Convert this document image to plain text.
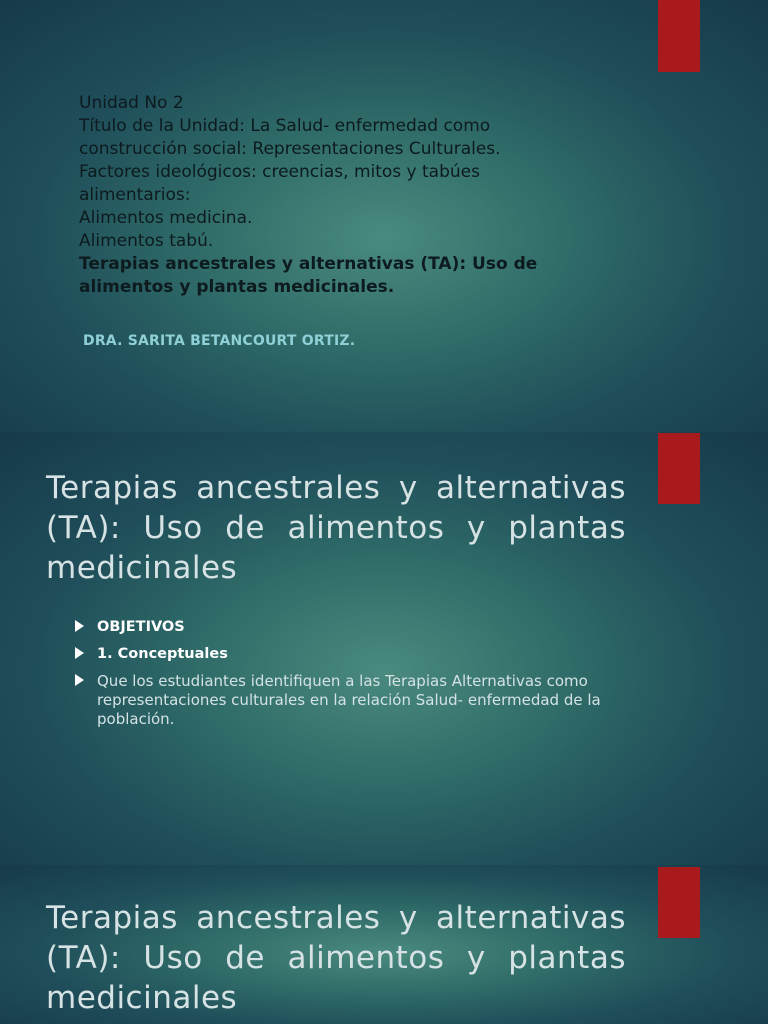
Unidad No 2
Título de la Unidad: La Salud- enfermedad como construcción social: Representaciones Culturales.
Factores ideológicos: creencias, mitos y tabúes alimentarios:
Alimentos medicina.
Alimentos tabú.
Terapias ancestrales y alternativas (TA): Uso de alimentos y plantas medicinales.
DRA. SARITA BETANCOURT ORTIZ.
Terapias ancestrales y alternativas (TA): Uso de alimentos y plantas medicinales
OBJETIVOS
1. Conceptuales
Que los estudiantes identifiquen a las Terapias Alternativas como representaciones culturales en la relación Salud- enfermedad de la población.
Terapias ancestrales y alternativas (TA): Uso de alimentos y plantas medicinales
